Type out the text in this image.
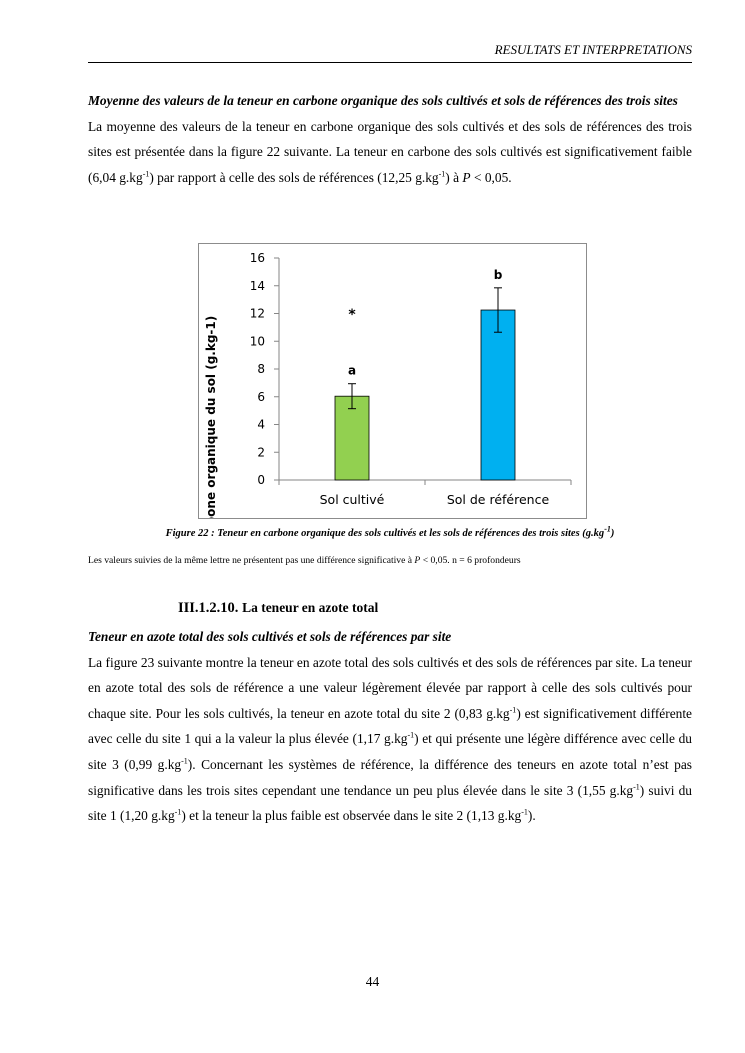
RESULTATS ET INTERPRETATIONS
Moyenne des valeurs de la teneur en carbone organique des sols cultivés et sols de références des trois sites
La moyenne des valeurs de la teneur en carbone organique des sols cultivés et des sols de références des trois sites est présentée dans la figure 22 suivante. La teneur en carbone des sols cultivés est significativement faible (6,04 $g.kg^{-1}$) par rapport à celle des sols de références (12,25 $g.kg^{-1}$) à P < 0,05.
Carbone organique du sol (g.kg-1)	0
2
4
6
8
10
12
14
16
a
Sol cultivé
b
Sol de référence
*
Figure 22 : Teneur en carbone organique des sols cultivés et les sols de références des trois sites $(g.kg^{-1})$
Les valeurs suivies de la même lettre ne présentent pas une différence significative à P < 0,05. n = 6 profondeurs
III.1.2.10. La teneur en azote total
Teneur en azote total des sols cultivés et sols de références par site
La figure 23 suivante montre la teneur en azote total des sols cultivés et des sols de références par site. La teneur en azote total des sols de référence a une valeur légèrement élevée par rapport à celle des sols cultivés pour chaque site. Pour les sols cultivés, la teneur en azote total du site 2 (0,83 $g.kg^{-1}$) est significativement différente avec celle du site 1 qui a la valeur la plus élevée (1,17 $g.kg^{-1}$) et qui présente une légère différence avec celle du site 3 (0,99 $g.kg^{-1}$). Concernant les systèmes de référence, la différence des teneurs en azote total n’est pas significative dans les trois sites cependant une tendance un peu plus élevée dans le site 3 (1,55 $g.kg^{-1}$) suivi du site 1 (1,20 $g.kg^{-1}$) et la teneur la plus faible est observée dans le site 2 (1,13 $g.kg^{-1}$).
44
